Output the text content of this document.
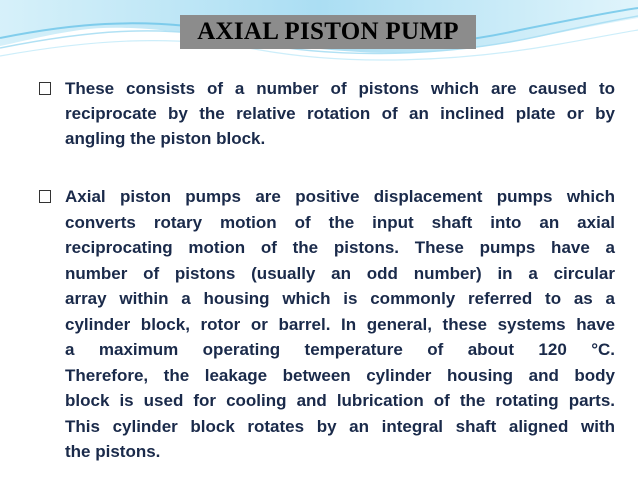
AXIAL PISTON PUMP
These consists of a number of pistons which are caused to
reciprocate by the relative rotation of an inclined plate or by
angling the piston block.
Axial piston pumps are positive displacement pumps which
converts rotary motion of the input shaft into an axial
reciprocating motion of the pistons. These pumps have a
number of pistons (usually an odd number) in a circular
array within a housing which is commonly referred to as a
cylinder block, rotor or barrel. In general, these systems have
a maximum operating temperature of about 120 °C.
Therefore, the leakage between cylinder housing and body
block is used for cooling and lubrication of the rotating parts.
This cylinder block rotates by an integral shaft aligned with
the pistons.
